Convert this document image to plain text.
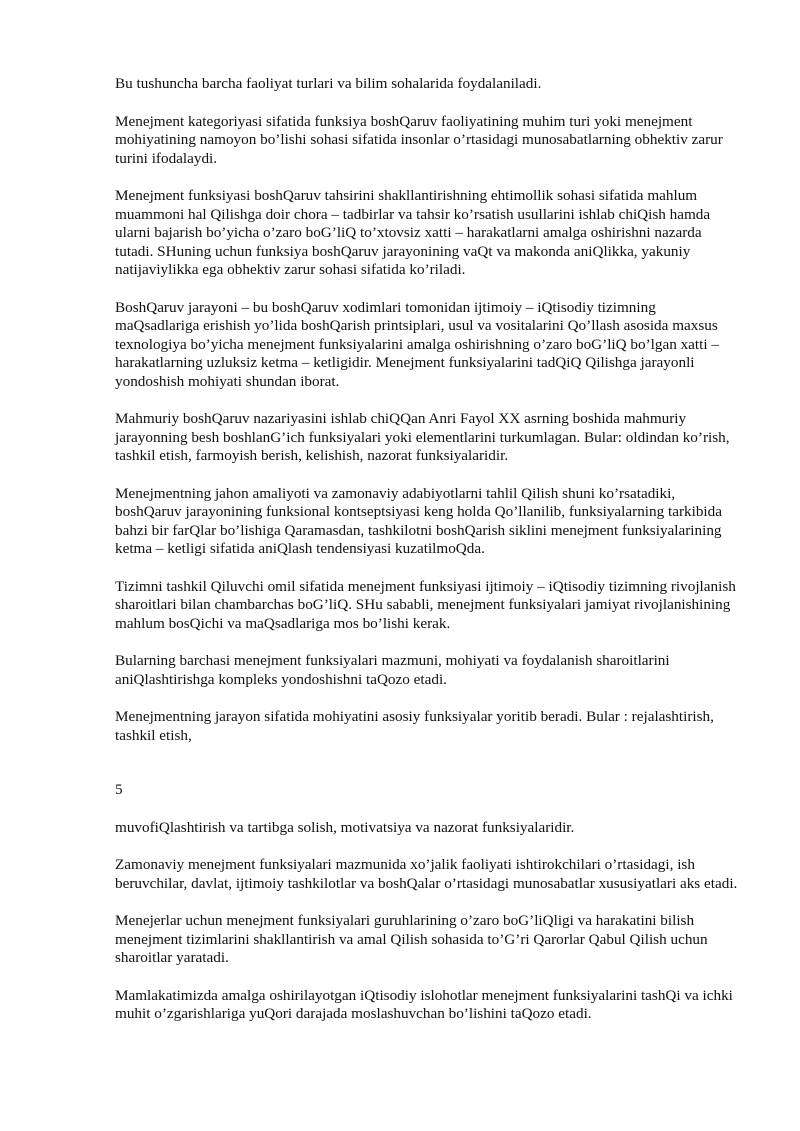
Bu tushuncha barcha faoliyat turlari va bilim sohalarida foydalaniladi.

Menejment kategoriyasi sifatida funksiya boshQaruv faoliyatining muhim turi yoki menejment mohiyatining namoyon bo’lishi sohasi sifatida insonlar o’rtasidagi munosabatlarning obhektiv zarur turini ifodalaydi.

Menejment funksiyasi boshQaruv tahsirini shakllantirishning ehtimollik sohasi sifatida mahlum muammoni hal Qilishga doir chora – tadbirlar va tahsir ko’rsatish usullarini ishlab chiQish hamda ularni bajarish bo’yicha o’zaro boG’liQ to’xtovsiz xatti – harakatlarni amalga oshirishni nazarda tutadi. SHuning uchun funksiya boshQaruv jarayonining vaQt va makonda aniQlikka, yakuniy natijaviylikka ega obhektiv zarur sohasi sifatida ko’riladi.

BoshQaruv jarayoni – bu boshQaruv xodimlari tomonidan ijtimoiy – iQtisodiy tizimning maQsadlariga erishish yo’lida boshQarish printsiplari, usul va vositalarini Qo’llash asosida maxsus texnologiya bo’yicha menejment funksiyalarini amalga oshirishning o’zaro boG’liQ bo’lgan xatti – harakatlarning uzluksiz ketma – ketligidir. Menejment funksiyalarini tadQiQ Qilishga jarayonli yondoshish mohiyati shundan iborat.

Mahmuriy boshQaruv nazariyasini ishlab chiQQan Anri Fayol XX asrning boshida mahmuriy jarayonning besh boshlanG’ich funksiyalari yoki elementlarini turkumlagan. Bular: oldindan ko’rish, tashkil etish, farmoyish berish, kelishish, nazorat funksiyalaridir.

Menejmentning jahon amaliyoti va zamonaviy adabiyotlarni tahlil Qilish shuni ko’rsatadiki, boshQaruv jarayonining funksional kontseptsiyasi keng holda Qo’llanilib, funksiyalarning tarkibida bahzi bir farQlar bo’lishiga Qaramasdan, tashkilotni boshQarish siklini menejment funksiyalarining ketma – ketligi sifatida aniQlash tendensiyasi kuzatilmoQda.

Tizimni tashkil Qiluvchi omil sifatida menejment funksiyasi ijtimoiy – iQtisodiy tizimning rivojlanish sharoitlari bilan chambarchas boG’liQ. SHu sababli, menejment funksiyalari jamiyat rivojlanishining mahlum bosQichi va maQsadlariga mos bo’lishi kerak.

Bularning barchasi menejment funksiyalari mazmuni, mohiyati va foydalanish sharoitlarini aniQlashtirishga kompleks yondoshishni taQozo etadi.

Menejmentning jarayon sifatida mohiyatini asosiy funksiyalar yoritib beradi. Bular : rejalashtirish, tashkil etish,

5

muvofiQlashtirish va tartibga solish, motivatsiya va nazorat funksiyalaridir.

Zamonaviy menejment funksiyalari mazmunida xo’jalik faoliyati ishtirokchilari o’rtasidagi, ish beruvchilar, davlat, ijtimoiy tashkilotlar va boshQalar o’rtasidagi munosabatlar xususiyatlari aks etadi.

Menejerlar uchun menejment funksiyalari guruhlarining o’zaro boG’liQligi va harakatini bilish menejment tizimlarini shakllantirish va amal Qilish sohasida to’G’ri Qarorlar Qabul Qilish uchun sharoitlar yaratadi.

Mamlakatimizda amalga oshirilayotgan iQtisodiy islohotlar menejment funksiyalarini tashQi va ichki muhit o’zgarishlariga yuQori darajada moslashuvchan bo’lishini taQozo etadi.
